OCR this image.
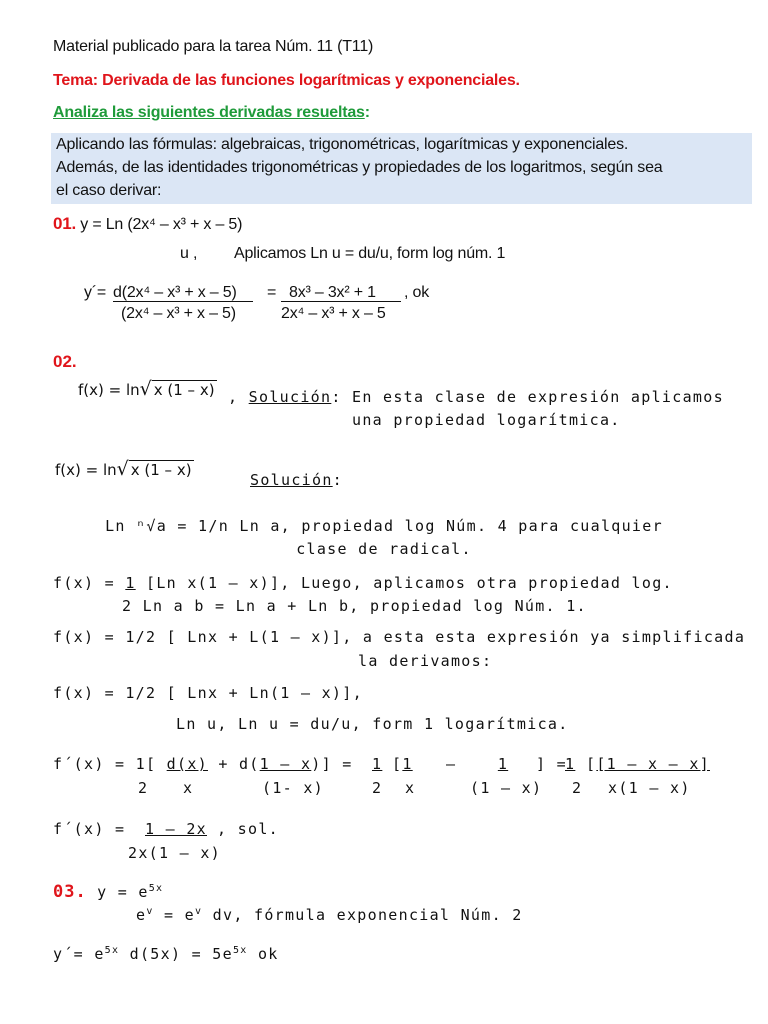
Material publicado para la tarea Núm. 11 (T11)
Tema: Derivada de las funciones logarítmicas y exponenciales.
Analiza las siguientes derivadas resueltas:
Aplicando las fórmulas: algebraicas, trigonométricas, logarítmicas y exponenciales.
Además, de las identidades trigonométricas y propiedades de los logaritmos, según sea
el caso derivar:
01. y = Ln (2x⁴ – x³ + x – 5)
u , Aplicamos Ln u = du/u, form log núm. 1
y´= d(2x⁴ – x³ + x – 5)
(2x⁴ – x³ + x – 5)
= 8x³ – 3x² + 1
2x⁴ – x³ + x – 5
, ok
02.
f(x) = ln√ x (1 – x) , Solución: En esta clase de expresión aplicamos
una propiedad logarítmica.
f(x) = ln√ x (1 – x)
Solución:
Ln ⁿ√a = 1/n Ln a, propiedad log Núm. 4 para cualquier
clase de radical.
f(x) = 1 [Ln x(1 – x)], Luego, aplicamos otra propiedad log.
2 Ln a b = Ln a + Ln b, propiedad log Núm. 1.
f(x) = 1/2 [ Lnx + L(1 – x)], a esta esta expresión ya simplificada
la derivamos:
f(x) = 1/2 [ Lnx + Ln(1 – x)],
Ln u, Ln u = du/u, form 1 logarítmica.
f´(x) = 1[ d(x) + d(1 – x)] = 1 [1	–	1	] =
1 [[1 – x – x]
2 x	(1- x)	2 x	(1 – x) 2 x(1 – x)
f´(x) =	1 – 2x , sol.
2x(1 – x)
03. $y = e^{5x}$
$e^v = e^v$ dv, fórmula exponencial Núm. 2
y´= $e^{5x}$ $d(5x) = 5e^{5x}$ ok
